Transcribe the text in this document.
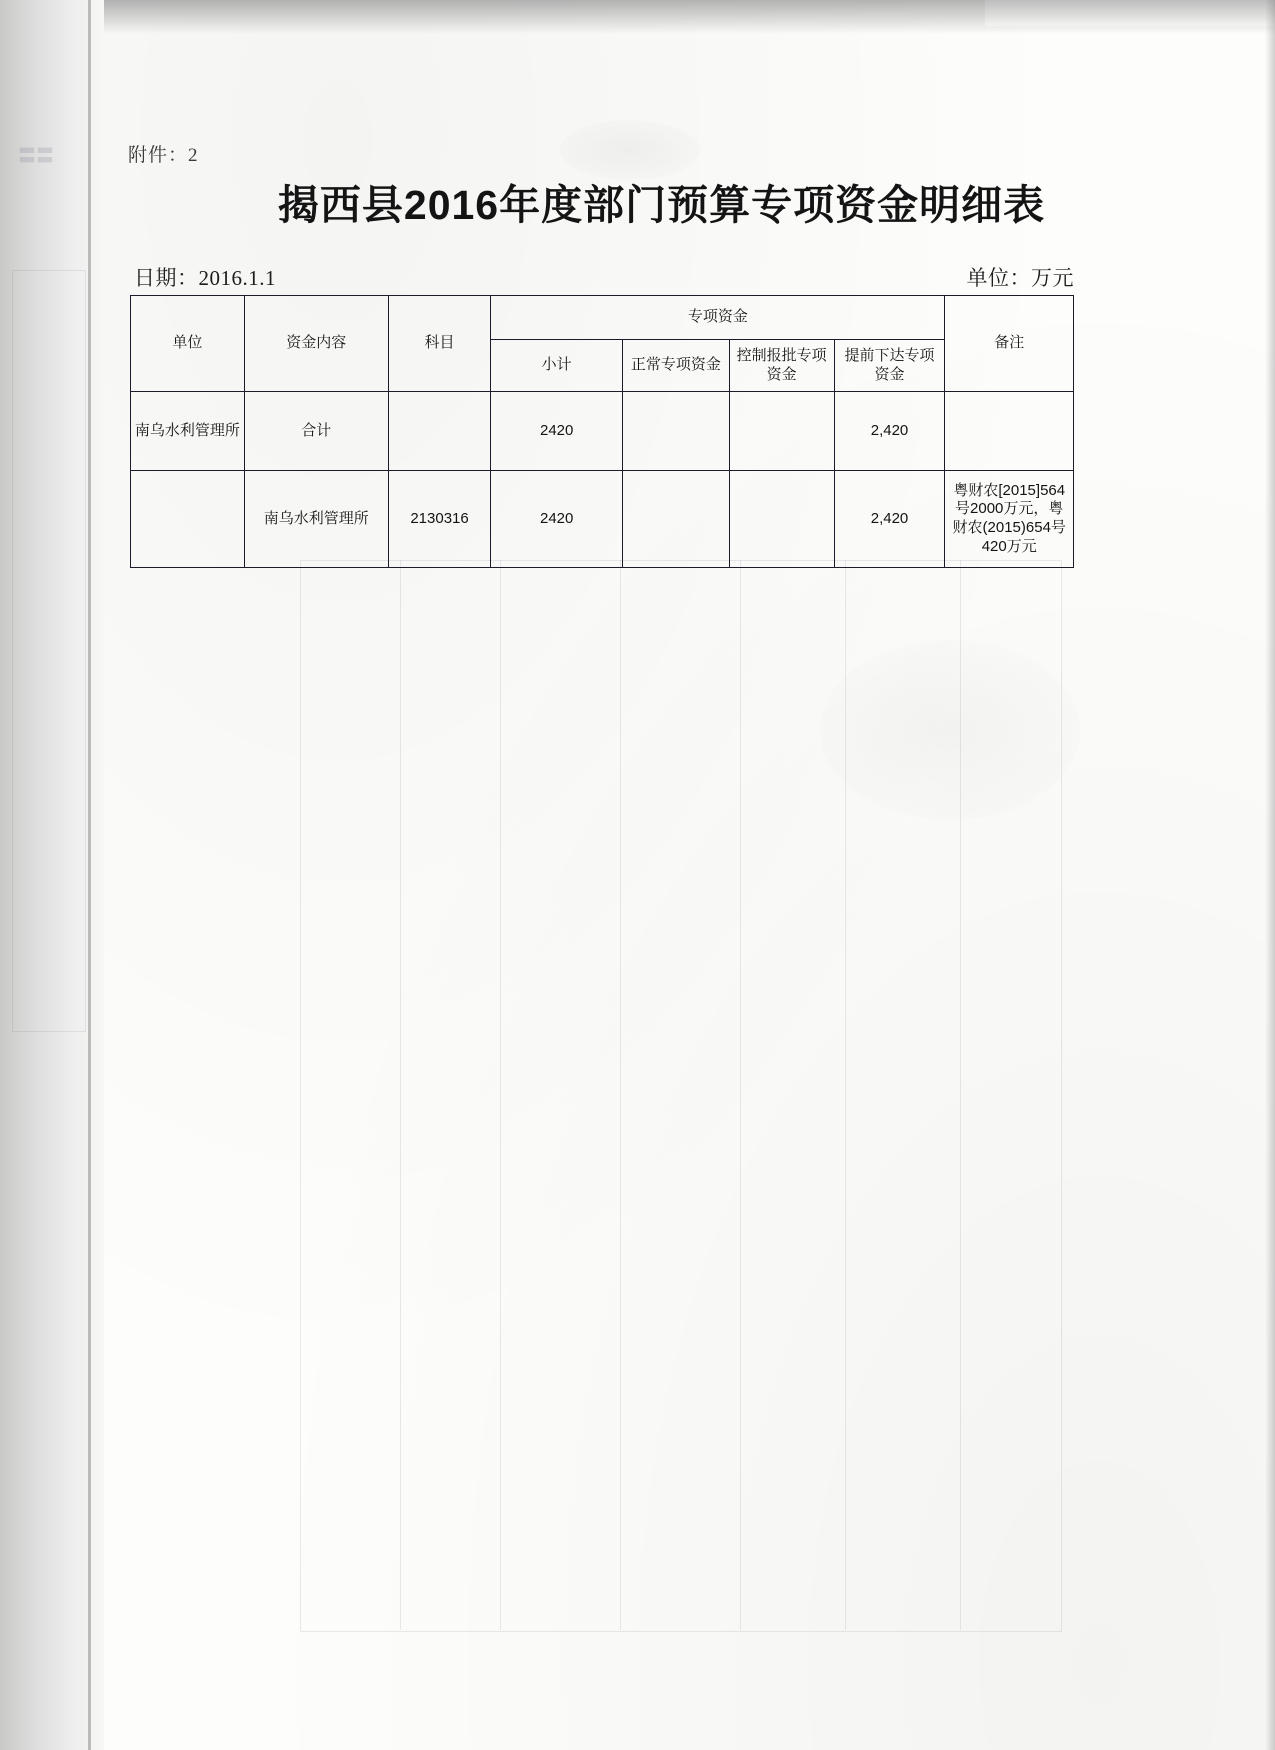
附件：2
揭西县2016年度部门预算专项资金明细表
日期：2016.1.1	单位：万元
单位	资金内容	科目	专项资金				备注
			小计	正常专项资金	控制报批专项资金	提前下达专项资金	
南乌水利管理所	合计		2420			2,420	
	南乌水利管理所	2130316	2420			2,420	粤财农[2015]564号2000万元，粤财农(2015)654号420万元
